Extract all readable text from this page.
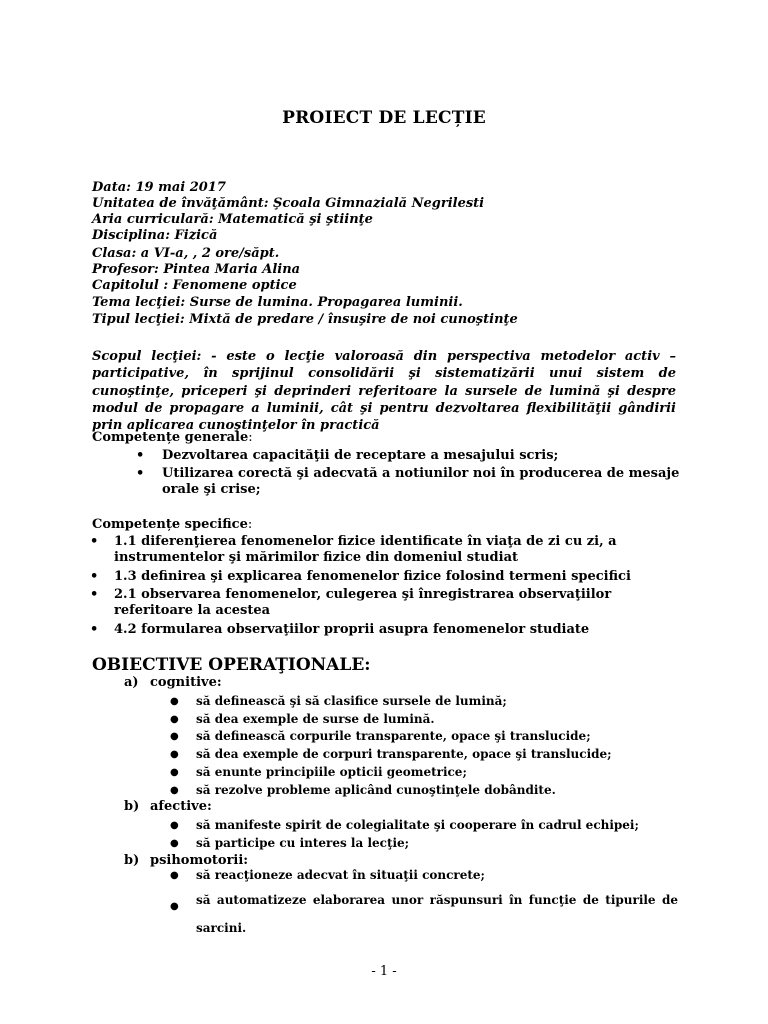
PROIECT DE LECȚIE
Data: 19 mai 2017
Unitatea de învăţământ: Şcoala Gimnazială Negrilesti
Aria curriculară: Matematică şi ştiinţe
Disciplina: Fizică
Clasa: a VI-a, , 2 ore/săpt.
Profesor: Pintea Maria Alina
Capitolul : Fenomene optice
Tema lecţiei: Surse de lumina. Propagarea luminii.
Tipul lecţiei: Mixtă de predare / însuşire de noi cunoştinţe
Scopul lecţiei: - este o lecţie valoroasă din perspectiva metodelor activ – participative, în sprijinul consolidării şi sistematizării unui sistem de cunoştinţe, priceperi şi deprinderi referitoare la sursele de lumină şi despre modul de propagare a luminii, cât şi pentru dezvoltarea flexibilităţii gândirii prin aplicarea cunoştinţelor în practică
Competențe generale:
• Dezvoltarea capacităţii de receptare a mesajului scris;
• Utilizarea corectă şi adecvată a notiunilor noi în producerea de mesaje orale şi crise;
Competențe specifice:
• 1.1 diferenţierea fenomenelor fizice identificate în viaţa de zi cu zi, a instrumentelor şi mărimilor fizice din domeniul studiat
• 1.3 definirea şi explicarea fenomenelor fizice folosind termeni specifici
• 2.1 observarea fenomenelor, culegerea şi înregistrarea observaţiilor referitoare la acestea
• 4.2 formularea observaţiilor proprii asupra fenomenelor studiate
OBIECTIVE OPERAŢIONALE:
a) cognitive:
● să definească şi să clasifice sursele de lumină;
● să dea exemple de surse de lumină.
● să definească corpurile transparente, opace şi translucide;
● să dea exemple de corpuri transparente, opace şi translucide;
● să enunte principiile opticii geometrice;
● să rezolve probleme aplicând cunoştinţele dobândite.
b) afective:
● să manifeste spirit de colegialitate şi cooperare în cadrul echipei;
● să participe cu interes la lecţie;
b) psihomotorii:
● să reacţioneze adecvat în situaţii concrete;
● să automatizeze elaborarea unor răspunsuri în funcţie de tipurile de sarcini.
- 1 -
